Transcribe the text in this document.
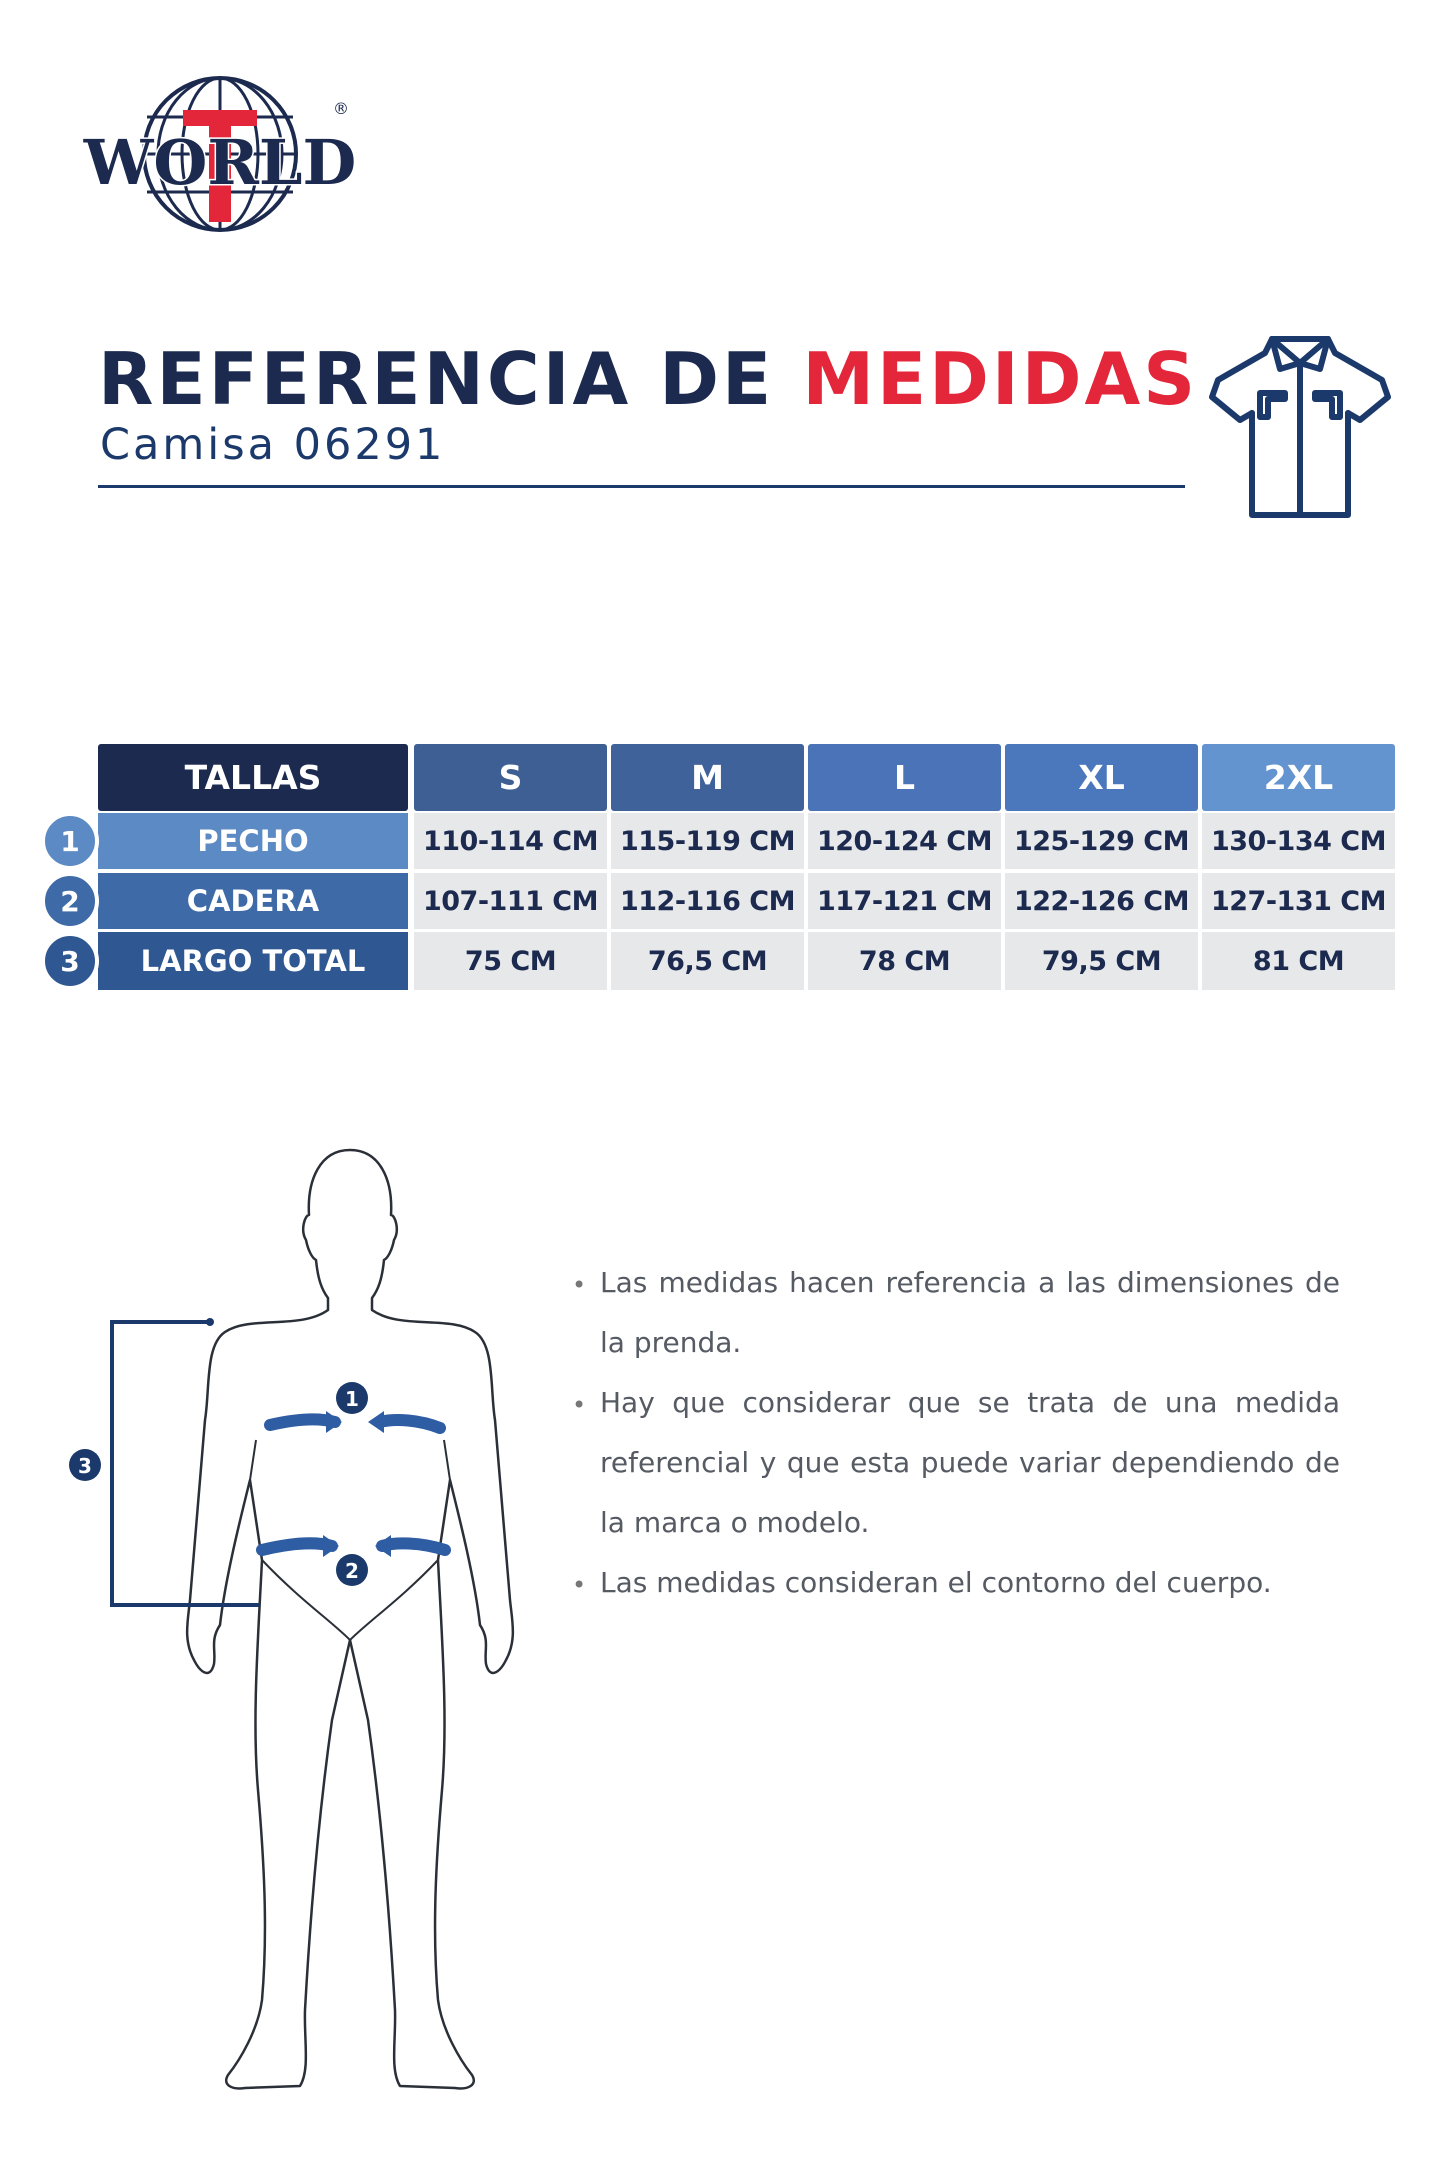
WORLD
®
REFERENCIA DE MEDIDAS
Camisa 06291
TALLAS	S	M	L	XL	2XL
PECHO
1	110-114 CM 115-119 CM 120-124 CM 125-129 CM 130-134 CM
CADERA
2	107-111 CM 112-116 CM 117-121 CM 122-126 CM 127-131 CM
LARGO TOTAL
3	75 CM	76,5 CM	78 CM	79,5 CM	81 CM
3
1
2
• Las medidas hacen referencia a las dimensiones de la prenda.
• Hay que considerar que se trata de una medida referencial y que esta puede variar dependiendo de la marca o modelo.
• Las medidas consideran el contorno del cuerpo.
